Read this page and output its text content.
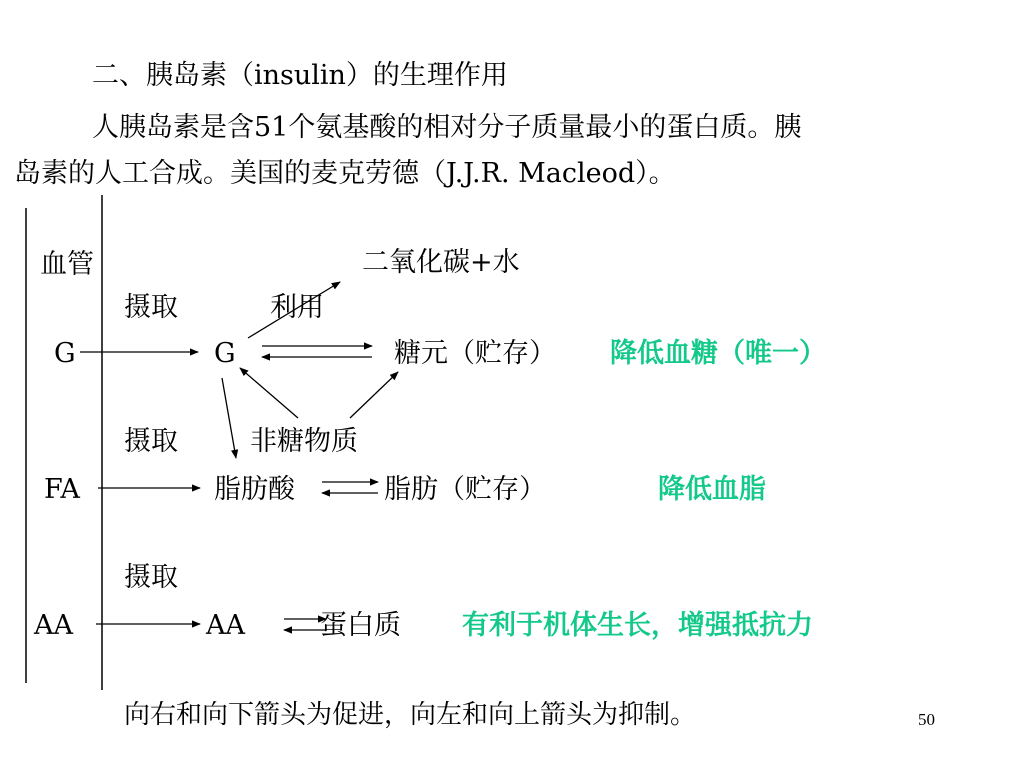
二、胰岛素（insulin）的生理作用
人胰岛素是含51个氨基酸的相对分子质量最小的蛋白质。胰
岛素的人工合成。美国的麦克劳德（J.J.R. Macleod）。
血管	二氧化碳+水
摄取	利用
G	G	糖元（贮存） 降低血糖（唯一）
摄取	非糖物质
FA	脂肪酸	脂肪（贮存）	降低血脂
摄取
AA	AA	蛋白质 有利于机体生长，增强抵抗力
向右和向下箭头为促进，向左和向上箭头为抑制。	50
